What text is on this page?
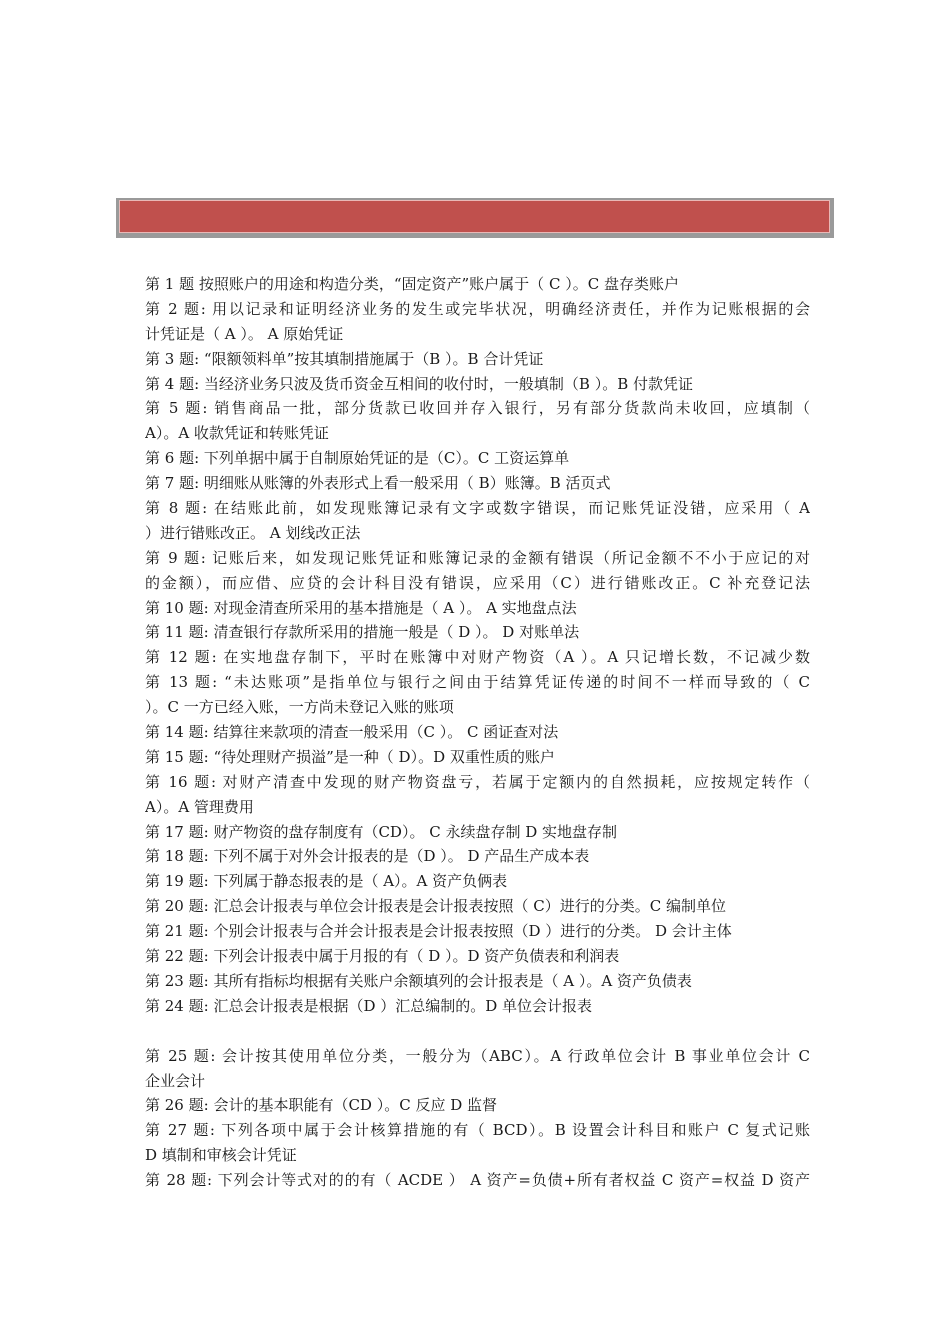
第 1 题 按照账户的用途和构造分类，“固定资产”账户属于（ C ）。C 盘存类账户
第 2 题: 用以记录和证明经济业务的发生或完毕状况，明确经济责任，并作为记账根据的会
计凭证是（ A ）。 A 原始凭证
第 3 题: “限额领料单”按其填制措施属于（B ）。B 合计凭证
第 4 题: 当经济业务只波及货币资金互相间的收付时，一般填制（B ）。B 付款凭证
第 5 题: 销售商品一批，部分货款已收回并存入银行，另有部分货款尚未收回，应填制（
A）。A 收款凭证和转账凭证
第 6 题: 下列单据中属于自制原始凭证的是（C）。C 工资运算单
第 7 题: 明细账从账簿的外表形式上看一般采用（ B）账簿。B 活页式
第 8 题: 在结账此前，如发现账簿记录有文字或数字错误，而记账凭证没错，应采用（ A
）进行错账改正。 A 划线改正法
第 9 题: 记账后来，如发现记账凭证和账簿记录的金额有错误（所记金额不不小于应记的对
的金额），而应借、应贷的会计科目没有错误，应采用（C）进行错账改正。C 补充登记法
第 10 题: 对现金清查所采用的基本措施是（ A ）。 A 实地盘点法
第 11 题: 清查银行存款所采用的措施一般是（ D ）。 D 对账单法
第 12 题: 在实地盘存制下，平时在账簿中对财产物资（A ）。A 只记增长数，不记减少数
第 13 题: “未达账项”是指单位与银行之间由于结算凭证传递的时间不一样而导致的（ C
）。C 一方已经入账，一方尚未登记入账的账项
第 14 题: 结算往来款项的清查一般采用（C ）。 C 函证查对法
第 15 题: “待处理财产损溢”是一种（ D）。D 双重性质的账户
第 16 题: 对财产清查中发现的财产物资盘亏，若属于定额内的自然损耗，应按规定转作（
A）。A 管理费用
第 17 题: 财产物资的盘存制度有（CD）。 C 永续盘存制 D 实地盘存制
第 18 题: 下列不属于对外会计报表的是（D ）。 D 产品生产成本表
第 19 题: 下列属于静态报表的是（ A）。A 资产负俩表
第 20 题: 汇总会计报表与单位会计报表是会计报表按照（ C）进行的分类。C 编制单位
第 21 题: 个别会计报表与合并会计报表是会计报表按照（D ）进行的分类。 D 会计主体
第 22 题: 下列会计报表中属于月报的有（ D ）。D 资产负债表和利润表
第 23 题: 其所有指标均根据有关账户余额填列的会计报表是（ A ）。A 资产负债表
第 24 题: 汇总会计报表是根据（D ）汇总编制的。D 单位会计报表
第 25 题: 会计按其使用单位分类，一般分为（ABC）。A 行政单位会计 B 事业单位会计 C
企业会计
第 26 题: 会计的基本职能有（CD ）。C 反应 D 监督
第 27 题: 下列各项中属于会计核算措施的有（ BCD）。B 设置会计科目和账户 C 复式记账
D 填制和审核会计凭证
第 28 题: 下列会计等式对的的有（ ACDE ） A 资产=负债+所有者权益 C 资产=权益 D 资产
